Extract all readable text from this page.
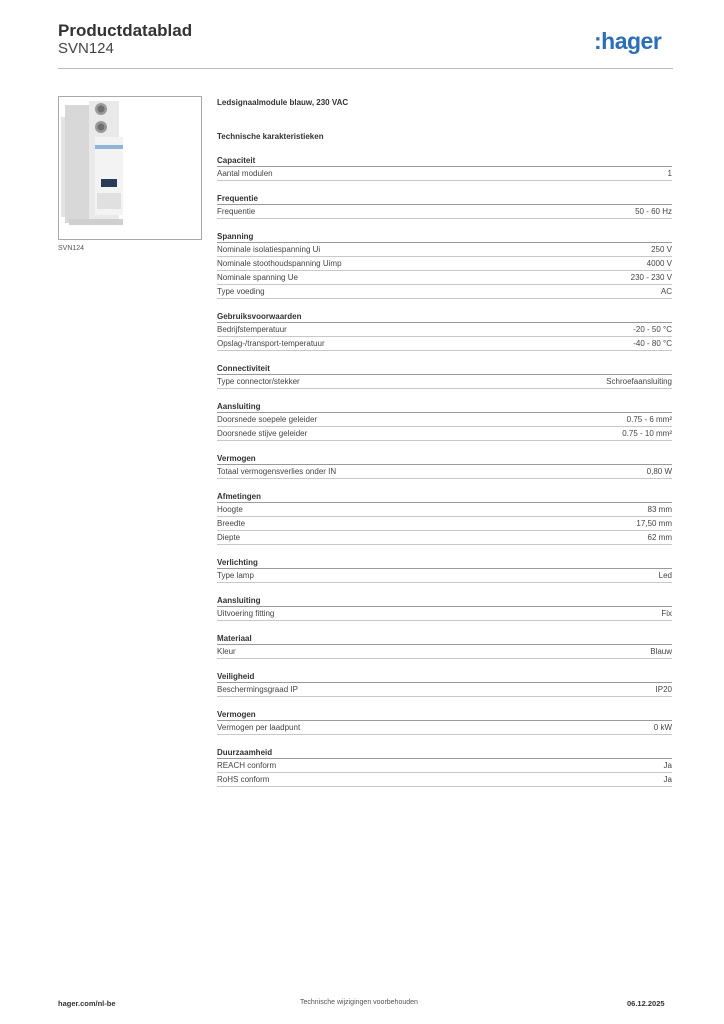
Productdatablad
SVN124	:hager
SVN124
Ledsignaalmodule blauw, 230 VAC
Technische karakteristieken
Capaciteit
Aantal modulen	1
Frequentie
Frequentie	50 - 60 Hz
Spanning
Nominale isolatiespanning Ui	250 V
Nominale stoothoudspanning Uimp	4000 V
Nominale spanning Ue	230 - 230 V
Type voeding	AC
Gebruiksvoorwaarden
Bedrijfstemperatuur	-20 - 50 °C
Opslag-/transport-temperatuur	-40 - 80 °C
Connectiviteit
Type connector/stekker	Schroefaansluiting
Aansluiting
Doorsnede soepele geleider	0.75 - 6 mm²
Doorsnede stijve geleider	0.75 - 10 mm²
Vermogen
Totaal vermogensverlies onder IN	0,80 W
Afmetingen
Hoogte	83 mm
Breedte	17,50 mm
Diepte	62 mm
Verlichting
Type lamp	Led
Aansluiting
Uitvoering fitting	Fix
Materiaal
Kleur	Blauw
Veiligheid
Beschermingsgraad IP	IP20
Vermogen
Vermogen per laadpunt	0 kW
Duurzaamheid
REACH conform	Ja
RoHS conform	Ja
hager.com/nl-be	Technische wijzigingen voorbehouden	06.12.2025
